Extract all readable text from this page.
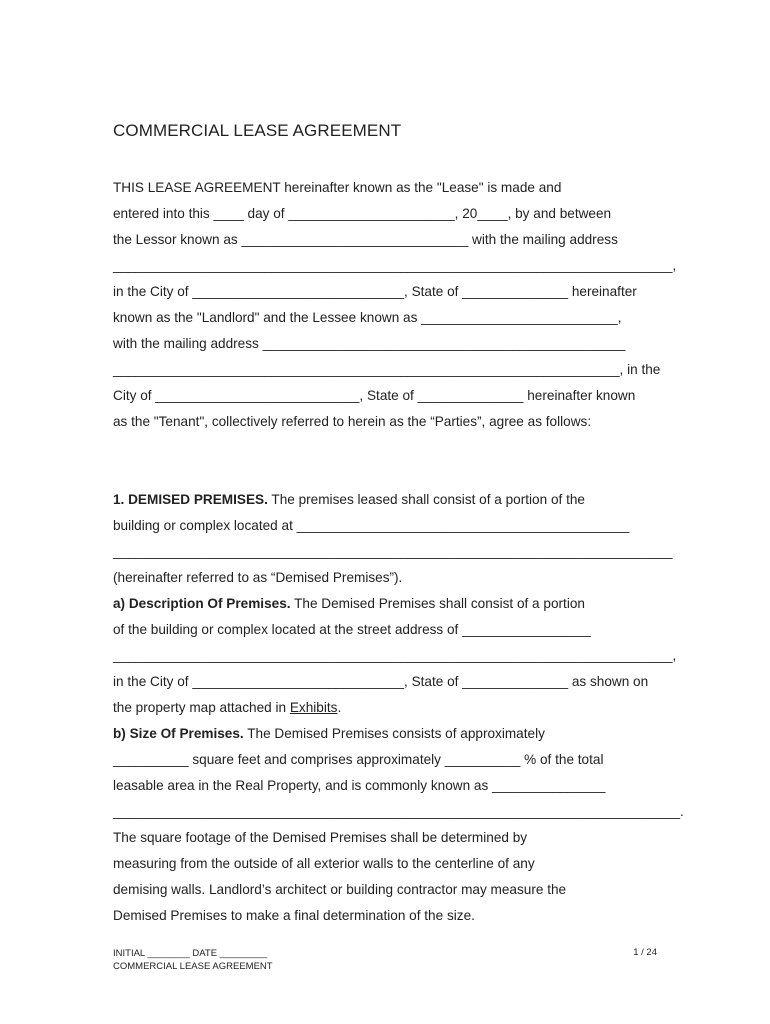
COMMERCIAL LEASE AGREEMENT
THIS LEASE AGREEMENT hereinafter known as the "Lease" is made and
entered into this ____ day of ______________________, 20____, by and between
the Lessor known as ______________________________ with the mailing address
__________________________________________________________________________,
in the City of ____________________________, State of ______________ hereinafter
known as the "Landlord" and the Lessee known as __________________________,
with the mailing address ________________________________________________
___________________________________________________________________, in the
City of ___________________________, State of ______________ hereinafter known
as the "Tenant", collectively referred to herein as the “Parties”, agree as follows:
1. DEMISED PREMISES. The premises leased shall consist of a portion of the
building or complex located at ____________________________________________
__________________________________________________________________________
(hereinafter referred to as “Demised Premises”).
a) Description Of Premises. The Demised Premises shall consist of a portion
of the building or complex located at the street address of _________________
__________________________________________________________________________,
in the City of ____________________________, State of ______________ as shown on
the property map attached in Exhibits.
b) Size Of Premises. The Demised Premises consists of approximately
__________ square feet and comprises approximately __________ % of the total
leasable area in the Real Property, and is commonly known as _______________
___________________________________________________________________________.
The square footage of the Demised Premises shall be determined by
measuring from the outside of all exterior walls to the centerline of any
demising walls. Landlord’s architect or building contractor may measure the
Demised Premises to make a final determination of the size.
INITIAL ________ DATE _________
COMMERCIAL LEASE AGREEMENT
1 / 24
